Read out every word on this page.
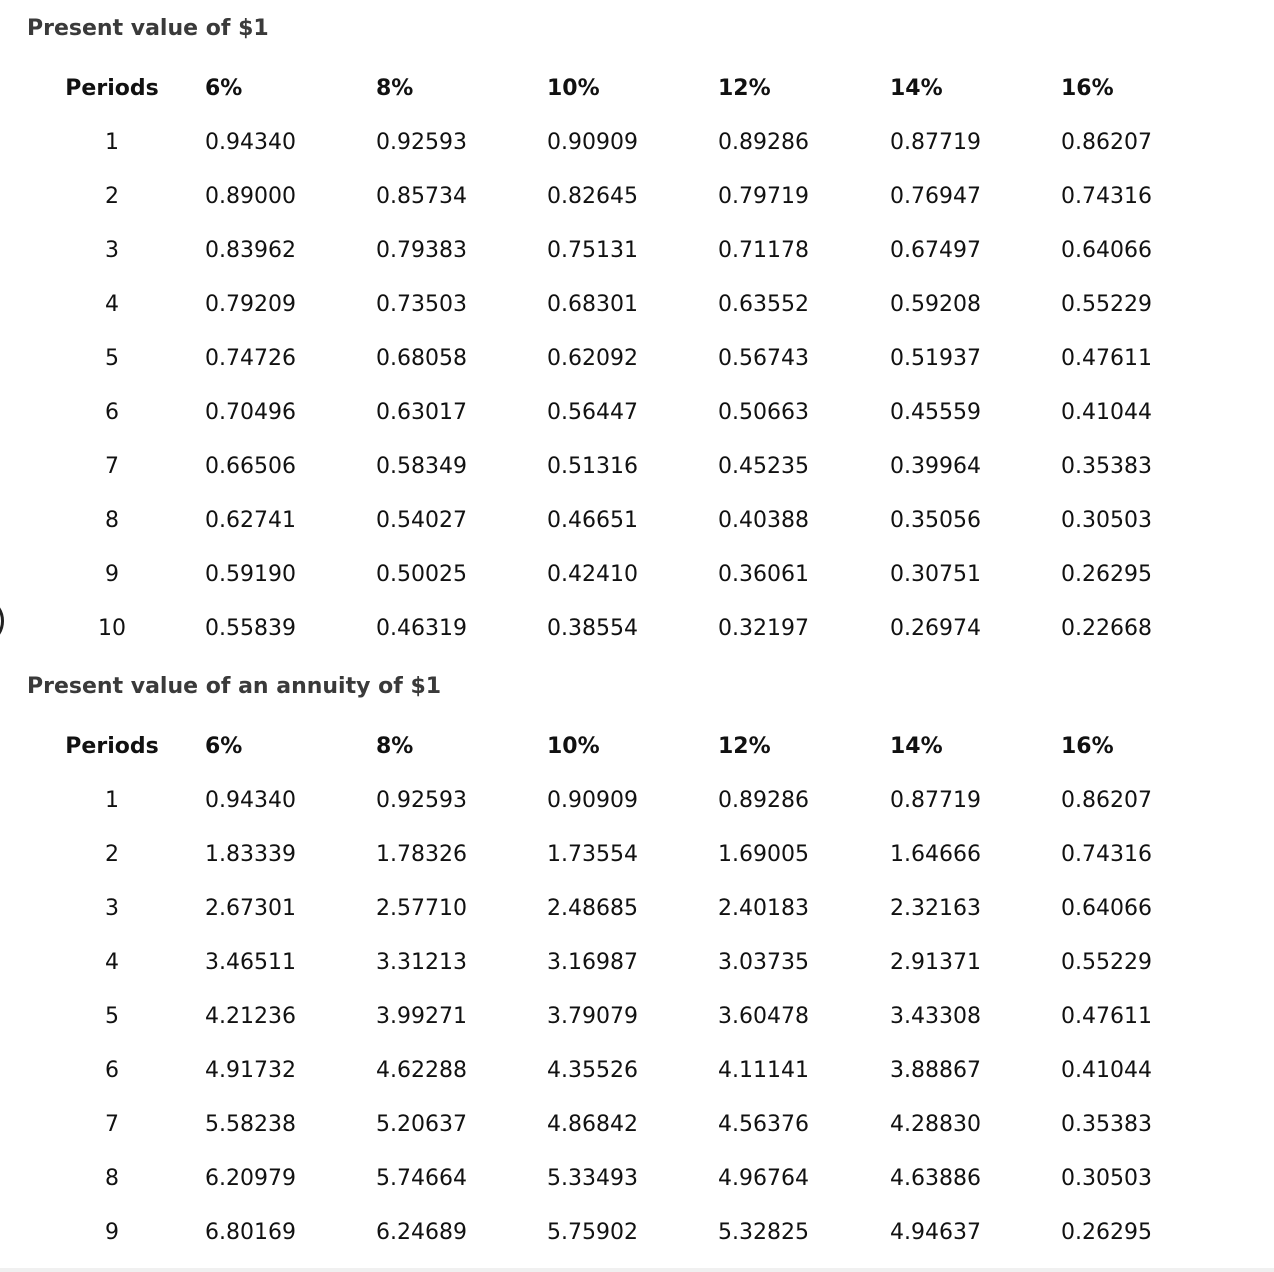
Present value of $1
Periods 6%	8%	10%	12%	14%	16%
1	0.94340	0.92593	0.90909	0.89286	0.87719	0.86207
2	0.89000	0.85734	0.82645	0.79719	0.76947	0.74316
3	0.83962	0.79383	0.75131	0.71178	0.67497	0.64066
4	0.79209	0.73503	0.68301	0.63552	0.59208	0.55229
5	0.74726	0.68058	0.62092	0.56743	0.51937	0.47611
6	0.70496	0.63017	0.56447	0.50663	0.45559	0.41044
7	0.66506	0.58349	0.51316	0.45235	0.39964	0.35383
8	0.62741	0.54027	0.46651	0.40388	0.35056	0.30503
9	0.59190	0.50025	0.42410	0.36061	0.30751	0.26295
10	0.55839	0.46319	0.38554	0.32197	0.26974	0.22668
Present value of an annuity of $1
Periods 6%	8%	10%	12%	14%	16%
1	0.94340	0.92593	0.90909	0.89286	0.87719	0.86207
2	1.83339	1.78326	1.73554	1.69005	1.64666	0.74316
3	2.67301	2.57710	2.48685	2.40183	2.32163	0.64066
4	3.46511	3.31213	3.16987	3.03735	2.91371	0.55229
5	4.21236	3.99271	3.79079	3.60478	3.43308	0.47611
6	4.91732	4.62288	4.35526	4.11141	3.88867	0.41044
7	5.58238	5.20637	4.86842	4.56376	4.28830	0.35383
8	6.20979	5.74664	5.33493	4.96764	4.63886	0.30503
9	6.80169	6.24689	5.75902	5.32825	4.94637	0.26295
